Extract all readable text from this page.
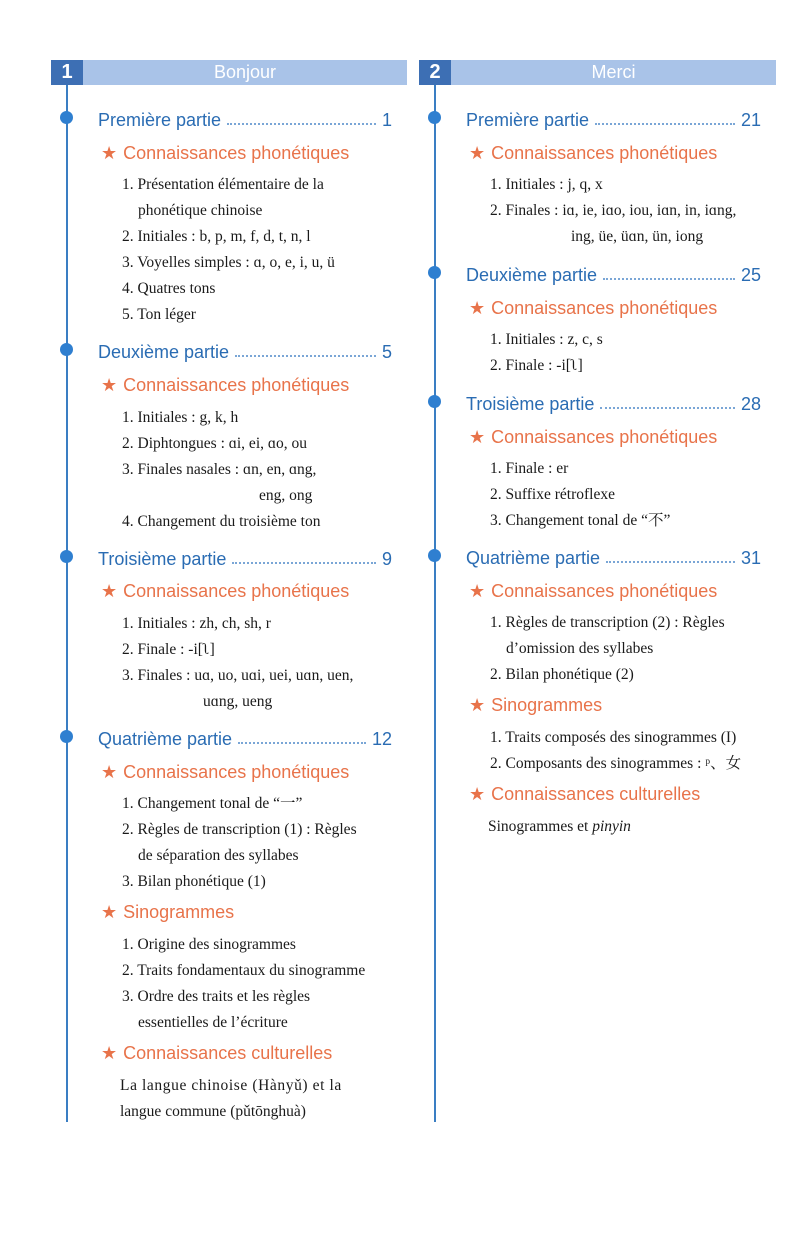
1	Bonjour
Première partie	1
★ Connaissances phonétiques
1. Présentation élémentaire de la
phonétique chinoise
2. Initiales : b, p, m, f, d, t, n, l
3. Voyelles simples : ɑ, o, e, i, u, ü
4. Quatres tons
5. Ton léger
Deuxième partie	5
★ Connaissances phonétiques
1. Initiales : g, k, h
2. Diphtongues : ɑi, ei, ɑo, ou
3. Finales nasales : ɑn, en, ɑng,
eng, ong
4. Changement du troisième ton
Troisième partie	9
★ Connaissances phonétiques
1. Initiales : zh, ch, sh, r
2. Finale : -i[ʅ]
3. Finales : uɑ, uo, uɑi, uei, uɑn, uen,
uɑng, ueng
Quatrième partie	12
★ Connaissances phonétiques
1. Changement tonal de “一”
2. Règles de transcription (1) : Règles
de séparation des syllabes
3. Bilan phonétique (1)
★ Sinogrammes
1. Origine des sinogrammes
2. Traits fondamentaux du sinogramme
3. Ordre des traits et les règles
essentielles de l’écriture
★ Connaissances culturelles
La langue chinoise (Hànyǔ) et la
langue commune (pǔtōnghuà)
2	Merci
Première partie	21
★ Connaissances phonétiques
1. Initiales : j, q, x
2. Finales : iɑ, ie, iɑo, iou, iɑn, in, iɑng,
ing, üe, üɑn, ün, iong
Deuxième partie	25
★ Connaissances phonétiques
1. Initiales : z, c, s
2. Finale : -i[ʅ]
Troisième partie	28
★ Connaissances phonétiques
1. Finale : er
2. Suffixe rétroflexe
3. Changement tonal de “不”
Quatrième partie	31
★ Connaissances phonétiques
1. Règles de transcription (2) : Règles
d’omission des syllabes
2. Bilan phonétique (2)
★ Sinogrammes
1. Traits composés des sinogrammes (I)
2. Composants des sinogrammes : ᵖ、女
★ Connaissances culturelles
Sinogrammes et pinyin
